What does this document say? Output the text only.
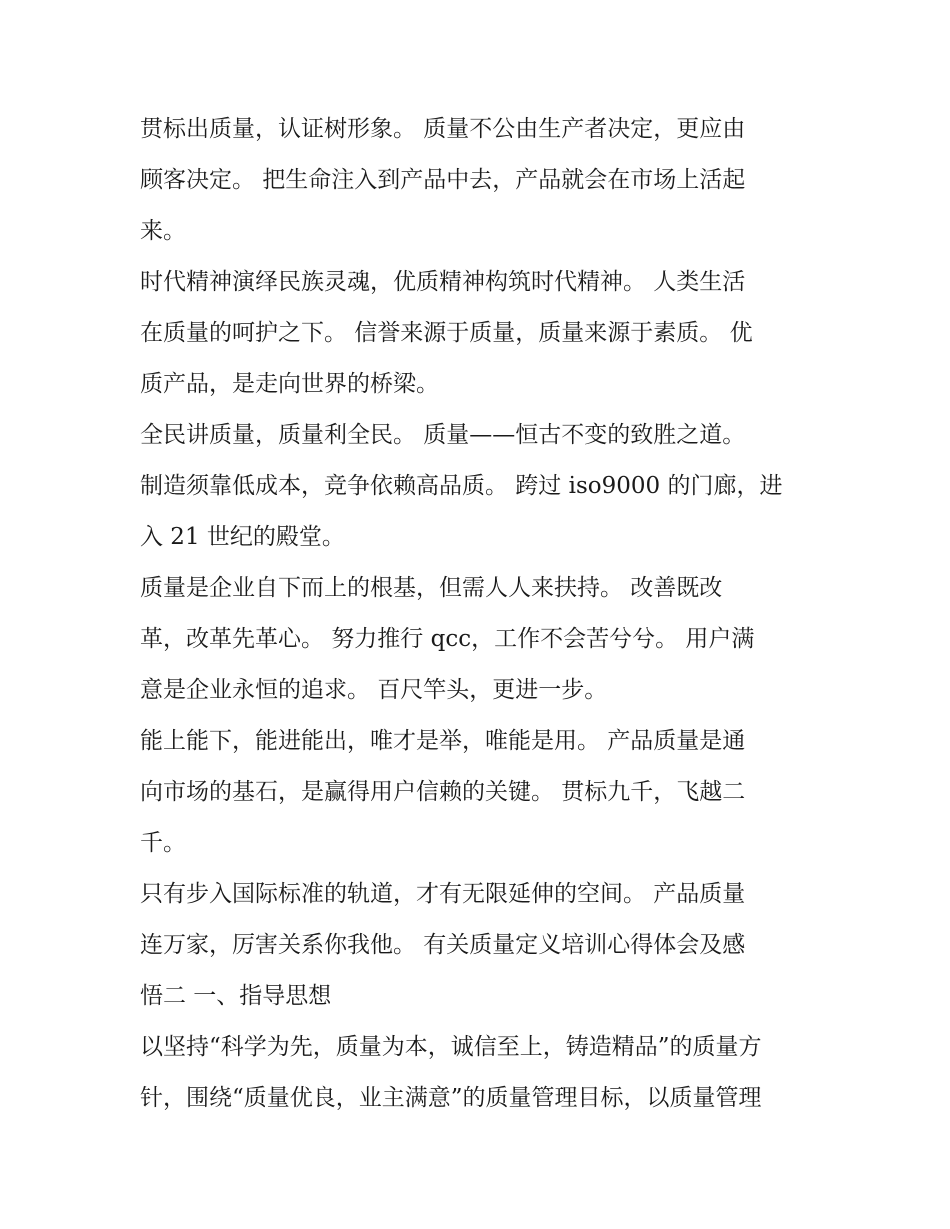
贯标出质量，认证树形象。 质量不公由生产者决定，更应由
顾客决定。 把生命注入到产品中去，产品就会在市场上活起
来。

时代精神演绎民族灵魂，优质精神构筑时代精神。 人类生活
在质量的呵护之下。 信誉来源于质量，质量来源于素质。 优
质产品，是走向世界的桥梁。

全民讲质量，质量利全民。 质量——恒古不变的致胜之道。
制造须靠低成本，竞争依赖高品质。 跨过 iso9000 的门廊，进
入 21 世纪的殿堂。

质量是企业自下而上的根基，但需人人来扶持。 改善既改
革，改革先革心。 努力推行 qcc，工作不会苦兮兮。 用户满
意是企业永恒的追求。 百尺竿头，更进一步。

能上能下，能进能出，唯才是举，唯能是用。 产品质量是通
向市场的基石，是赢得用户信赖的关键。 贯标九千，飞越二
千。

只有步入国际标准的轨道，才有无限延伸的空间。 产品质量
连万家，厉害关系你我他。 有关质量定义培训心得体会及感
悟二 一、指导思想

以坚持“科学为先，质量为本，诚信至上，铸造精品”的质量方
针，围绕“质量优良，业主满意”的质量管理目标，以质量管理
